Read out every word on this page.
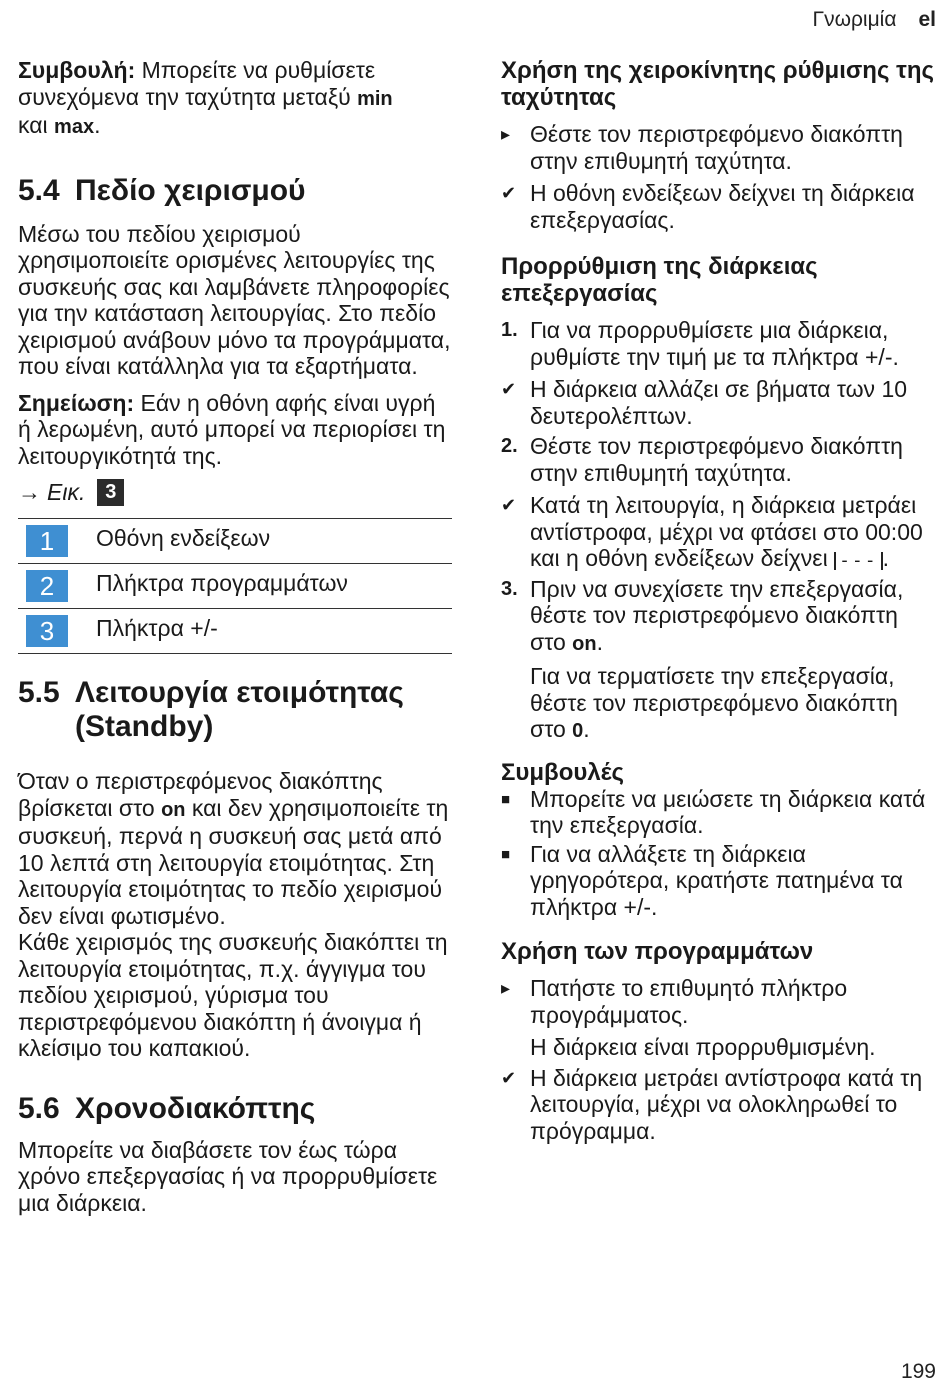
Γνωριμία el

Συμβουλή: Μπορείτε να ρυθμίσετε συνεχόμενα την ταχύτητα μεταξύ min
και max.

5.4 Πεδίο χειρισμού

Μέσω του πεδίου χειρισμού χρησιμοποιείτε ορισμένες λειτουργίες της συσκευής σας και λαμβάνετε πληροφορίες για την κατάσταση λειτουργίας. Στο πεδίο χειρισμού ανάβουν μόνο τα προγράμματα, που είναι κατάλληλα για τα εξαρτήματα.

Σημείωση: Εάν η οθόνη αφής είναι υγρή ή λερωμένη, αυτό μπορεί να περιορίσει τη λειτουργικότητά της.

→ Εικ. 3
1	Οθόνη ενδείξεων
2	Πλήκτρα προγραμμάτων
3	Πλήκτρα +/-
5.5 Λειτουργία ετοιμότητας
(Standby)

Όταν ο περιστρεφόμενος διακόπτης βρίσκεται στο on και δεν χρησιμοποιείτε τη συσκευή, περνά η συσκευή σας μετά από 10 λεπτά στη λειτουργία ετοιμότητας. Στη λειτουργία ετοιμότητας το πεδίο χειρισμού δεν είναι φωτισμένο.

Κάθε χειρισμός της συσκευής διακόπτει τη λειτουργία ετοιμότητας, π.χ. άγγιγμα του πεδίου χειρισμού, γύρισμα του περιστρεφόμενου διακόπτη ή άνοιγμα ή κλείσιμο του καπακιού.

5.6 Χρονοδιακόπτης

Μπορείτε να διαβάσετε τον έως τώρα χρόνο επεξεργασίας ή να προρρυθμίσετε μια διάρκεια.

Χρήση της χειροκίνητης ρύθμισης της ταχύτητας
▸ Θέστε τον περιστρεφόμενο διακόπτη στην επιθυμητή ταχύτητα.
✔ Η οθόνη ενδείξεων δείχνει τη διάρκεια επεξεργασίας.
Προρρύθμιση της διάρκειας επεξεργασίας
1. Για να προρρυθμίσετε μια διάρκεια, ρυθμίστε την τιμή με τα πλήκτρα +/-.
✔ Η διάρκεια αλλάζει σε βήματα των 10 δευτερολέπτων.
2. Θέστε τον περιστρεφόμενο διακόπτη στην επιθυμητή ταχύτητα.
✔ Κατά τη λειτουργία, η διάρκεια μετράει αντίστροφα, μέχρι να φτάσει στο 00:00 και η οθόνη ενδείξεων δείχνει --- .
3. Πριν να συνεχίσετε την επεξεργασία, θέστε τον περιστρεφόμενο διακόπτη στο on.

Για να τερματίσετε την επεξεργασία, θέστε τον περιστρεφόμενο διακόπτη στο 0.

Συμβουλές
■ Μπορείτε να μειώσετε τη διάρκεια κατά την επεξεργασία.
■ Για να αλλάξετε τη διάρκεια γρηγορότερα, κρατήστε πατημένα τα πλήκτρα +/-.
Χρήση των προγραμμάτων
▸ Πατήστε το επιθυμητό πλήκτρο προγράμματος.

Η διάρκεια είναι προρρυθμισμένη.

✔ Η διάρκεια μετράει αντίστροφα κατά τη λειτουργία, μέχρι να ολοκληρωθεί το πρόγραμμα.
199
